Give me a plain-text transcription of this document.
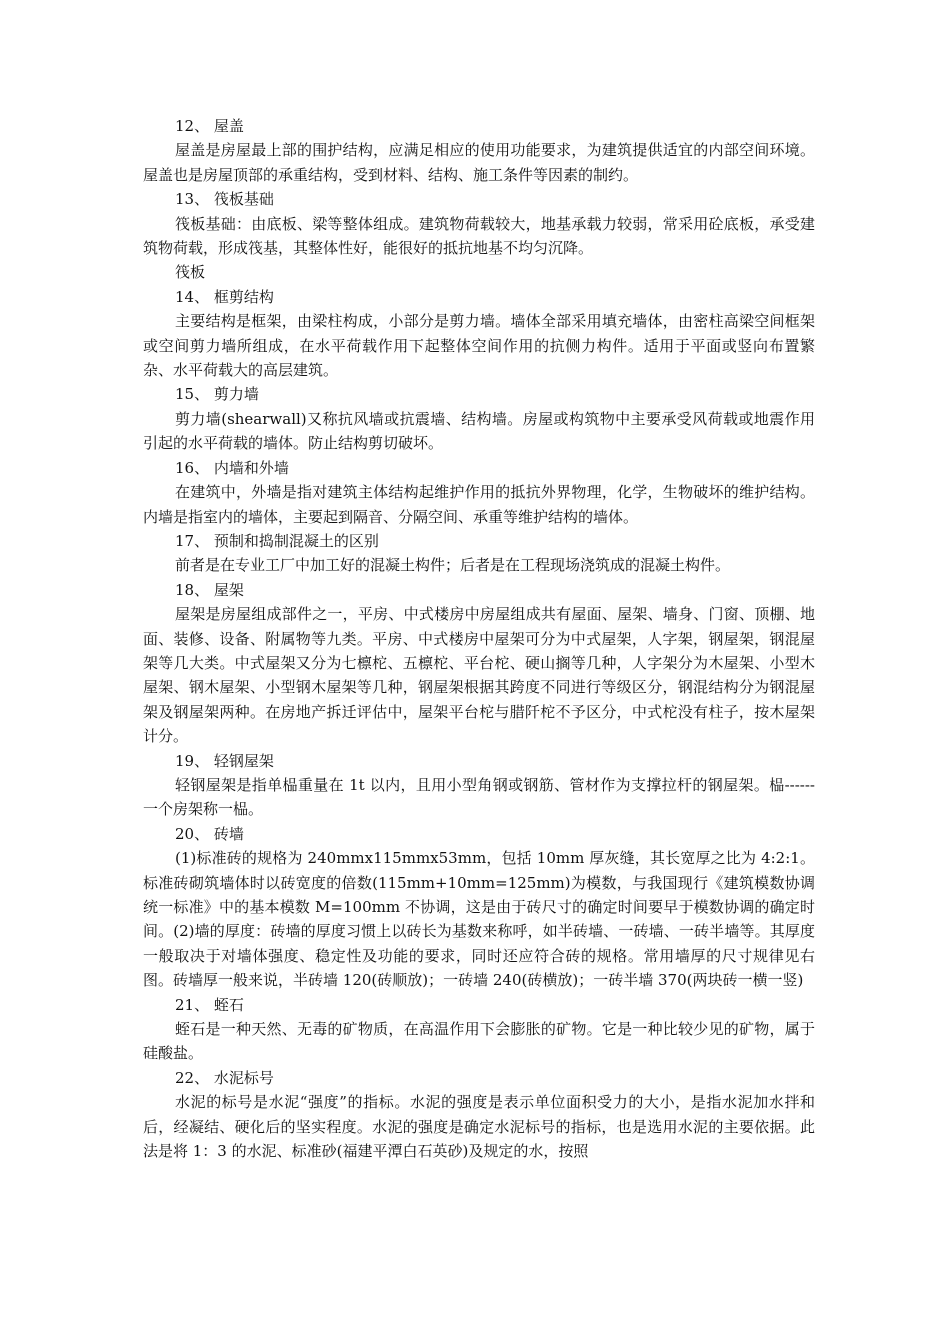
12、 屋盖

屋盖是房屋最上部的围护结构，应满足相应的使用功能要求，为建筑提供适宜的内部空间环境。屋盖也是房屋顶部的承重结构，受到材料、结构、施工条件等因素的制约。

13、 筏板基础

筏板基础：由底板、梁等整体组成。建筑物荷载较大，地基承载力较弱，常采用砼底板，承受建筑物荷载，形成筏基，其整体性好，能很好的抵抗地基不均匀沉降。

筏板

14、 框剪结构

主要结构是框架，由梁柱构成，小部分是剪力墙。墙体全部采用填充墙体，由密柱高梁空间框架或空间剪力墙所组成，在水平荷载作用下起整体空间作用的抗侧力构件。适用于平面或竖向布置繁杂、水平荷载大的高层建筑。

15、 剪力墙

剪力墙(shearwall)又称抗风墙或抗震墙、结构墙。房屋或构筑物中主要承受风荷载或地震作用引起的水平荷载的墙体。防止结构剪切破坏。

16、 内墙和外墙

在建筑中，外墙是指对建筑主体结构起维护作用的抵抗外界物理，化学，生物破坏的维护结构。内墙是指室内的墙体，主要起到隔音、分隔空间、承重等维护结构的墙体。

17、 预制和捣制混凝土的区别

前者是在专业工厂中加工好的混凝土构件；后者是在工程现场浇筑成的混凝土构件。

18、 屋架

屋架是房屋组成部件之一，平房、中式楼房中房屋组成共有屋面、屋架、墙身、门窗、顶棚、地面、装修、设备、附属物等九类。平房、中式楼房中屋架可分为中式屋架，人字架，钢屋架，钢混屋架等几大类。中式屋架又分为七檩柁、五檩柁、平台柁、硬山搁等几种，人字架分为木屋架、小型木屋架、钢木屋架、小型钢木屋架等几种，钢屋架根据其跨度不同进行等级区分，钢混结构分为钢混屋架及钢屋架两种。在房地产拆迁评估中，屋架平台柁与腊阡柁不予区分，中式柁没有柱子，按木屋架计分。

19、 轻钢屋架

轻钢屋架是指单榀重量在 1t 以内，且用小型角钢或钢筋、管材作为支撑拉杆的钢屋架。榀------一个房架称一榀。

20、 砖墙

(1)标准砖的规格为 240mmx115mmx53mm，包括 10mm 厚灰缝，其长宽厚之比为 4:2:1。标准砖砌筑墙体时以砖宽度的倍数(115mm+10mm=125mm)为模数，与我国现行《建筑模数协调统一标准》中的基本模数 M=100mm 不协调，这是由于砖尺寸的确定时间要早于模数协调的确定时间。(2)墙的厚度：砖墙的厚度习惯上以砖长为基数来称呼，如半砖墙、一砖墙、一砖半墙等。其厚度一般取决于对墙体强度、稳定性及功能的要求，同时还应符合砖的规格。常用墙厚的尺寸规律见右图。砖墙厚一般来说，半砖墙 120(砖顺放)；一砖墙 240(砖横放)；一砖半墙 370(两块砖一横一竖)

21、 蛭石

蛭石是一种天然、无毒的矿物质，在高温作用下会膨胀的矿物。它是一种比较少见的矿物，属于硅酸盐。

22、 水泥标号

水泥的标号是水泥“强度”的指标。水泥的强度是表示单位面积受力的大小，是指水泥加水拌和后，经凝结、硬化后的坚实程度。水泥的强度是确定水泥标号的指标，也是选用水泥的主要依据。此法是将 1：3 的水泥、标准砂(福建平潭白石英砂)及规定的水，按照
